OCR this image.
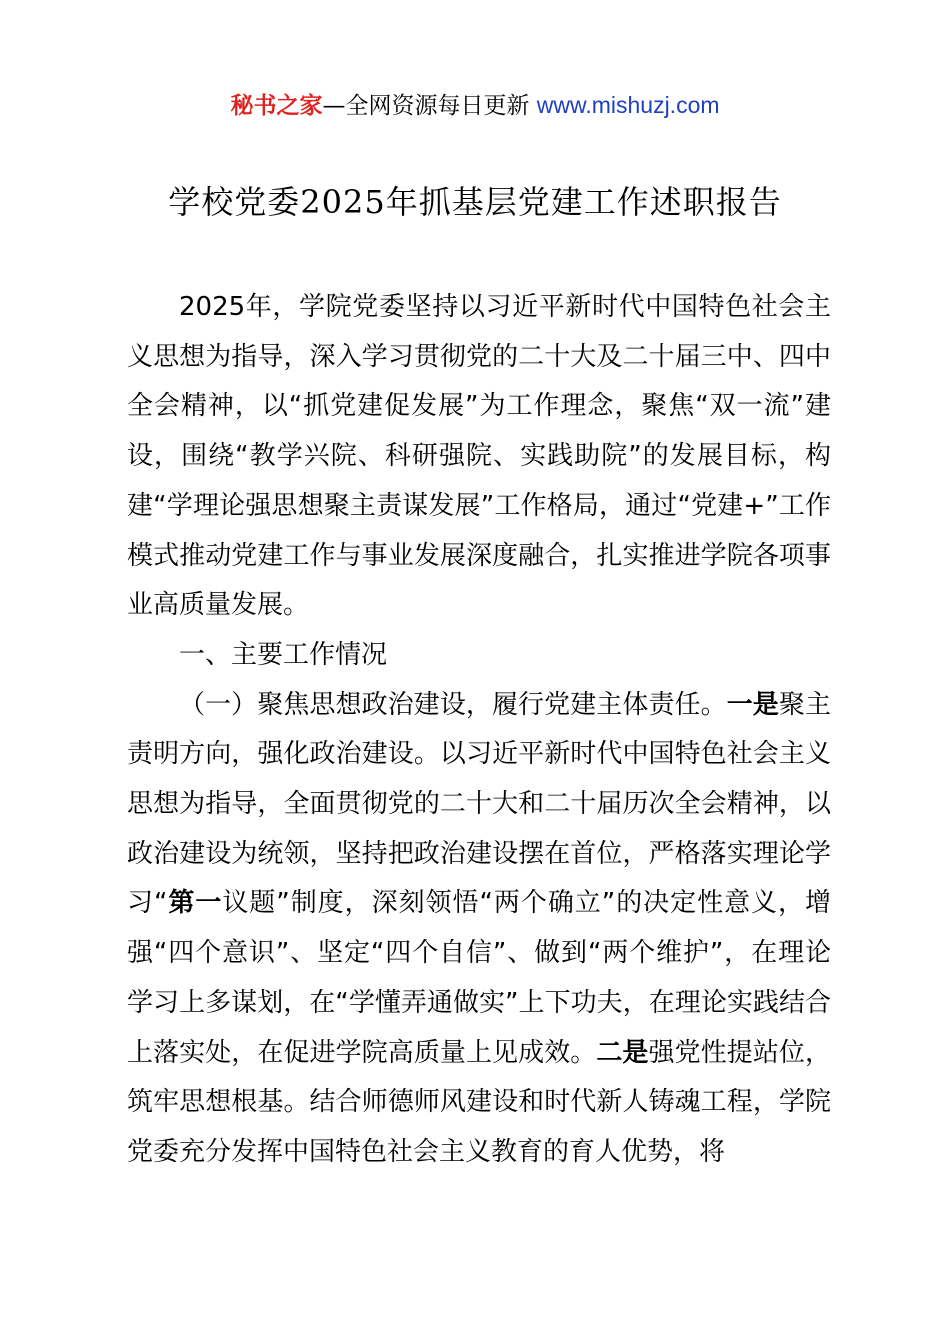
秘书之家—全网资源每日更新 www.mishuzj.com
学校党委2025年抓基层党建工作述职报告

2025年，学院党委坚持以习近平新时代中国特色社会主义思想为指导，深入学习贯彻党的二十大及二十届三中、四中全会精神，以“抓党建促发展”为工作理念，聚焦“双一流”建设，围绕“教学兴院、科研强院、实践助院”的发展目标，构建“学理论强思想聚主责谋发展”工作格局，通过“党建+”工作模式推动党建工作与事业发展深度融合，扎实推进学院各项事业高质量发展。

一、主要工作情况

（一）聚焦思想政治建设，履行党建主体责任。一是聚主责明方向，强化政治建设。以习近平新时代中国特色社会主义思想为指导，全面贯彻党的二十大和二十届历次全会精神，以政治建设为统领，坚持把政治建设摆在首位，严格落实理论学习“第一议题”制度，深刻领悟“两个确立”的决定性意义，增强“四个意识”、坚定“四个自信”、做到“两个维护”，在理论学习上多谋划，在“学懂弄通做实”上下功夫，在理论实践结合上落实处，在促进学院高质量上见成效。二是强党性提站位，筑牢思想根基。结合师德师风建设和时代新人铸魂工程，学院党委充分发挥中国特色社会主义教育的育人优势，将
